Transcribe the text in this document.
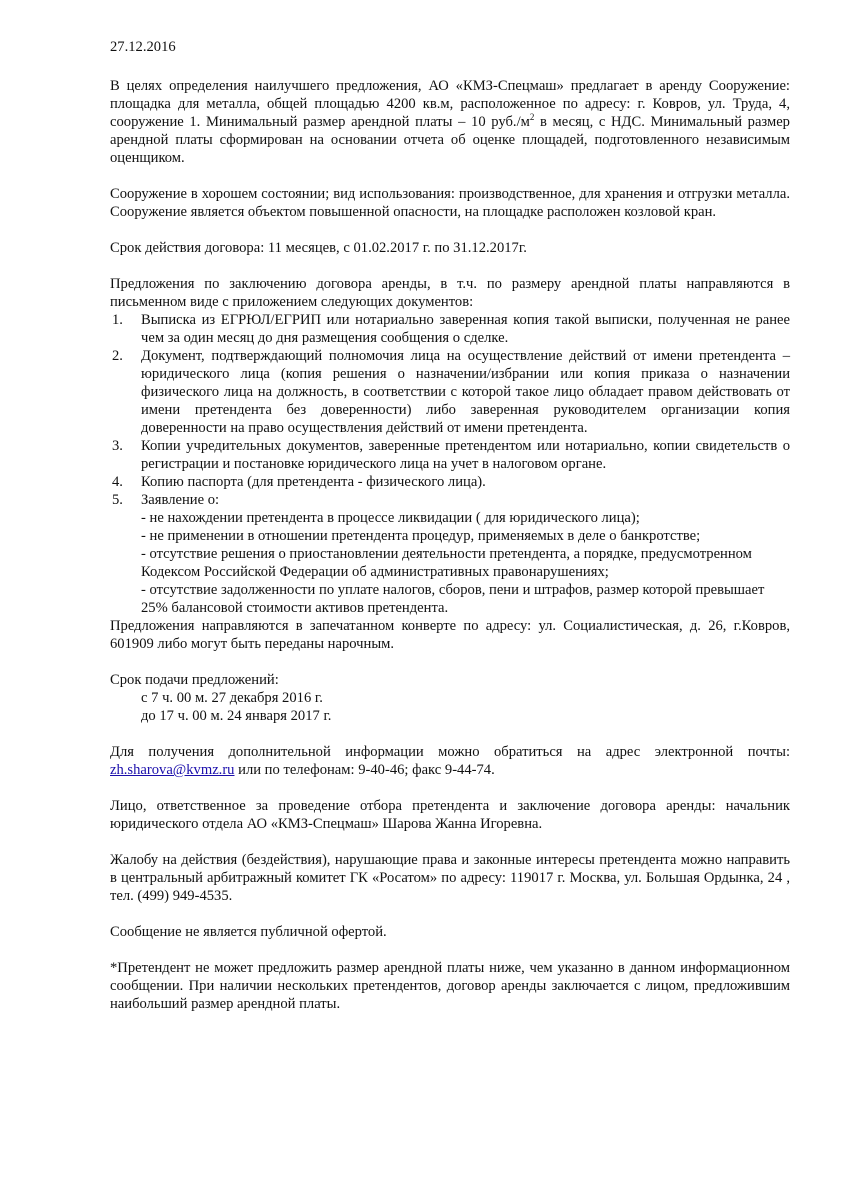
27.12.2016

В целях определения наилучшего предложения, АО «КМЗ-Спецмаш» предлагает в аренду Сооружение: площадка для металла, общей площадью 4200 кв.м, расположенное по адресу: г. Ковров, ул. Труда, 4, сооружение 1. Минимальный размер арендной платы – 10 $руб./м^2$ в месяц, с НДС. Минимальный размер арендной платы сформирован на основании отчета об оценке площадей, подготовленного независимым оценщиком.

Сооружение в хорошем состоянии; вид использования: производственное, для хранения и отгрузки металла. Сооружение является объектом повышенной опасности, на площадке расположен козловой кран.

Срок действия договора: 11 месяцев, с 01.02.2017 г. по 31.12.2017г.

Предложения по заключению договора аренды, в т.ч. по размеру арендной платы направляются в письменном виде с приложением следующих документов:

1. Выписка из ЕГРЮЛ/ЕГРИП или нотариально заверенная копия такой выписки, полученная не ранее чем за один месяц до дня размещения сообщения о сделке.
2. Документ, подтверждающий полномочия лица на осуществление действий от имени претендента – юридического лица (копия решения о назначении/избрании или копия приказа о назначении физического лица на должность, в соответствии с которой такое лицо обладает правом действовать от имени претендента без доверенности) либо заверенная руководителем организации копия доверенности на право осуществления действий от имени претендента.
3. Копии учредительных документов, заверенные претендентом или нотариально, копии свидетельств о регистрации и постановке юридического лица на учет в налоговом органе.
4. Копию паспорта (для претендента - физического лица).
5. Заявление о:
- не нахождении претендента в процессе ликвидации ( для юридического лица);
- не применении в отношении претендента процедур, применяемых в деле о банкротстве;
- отсутствие решения о приостановлении деятельности претендента, а порядке, предусмотренном Кодексом Российской Федерации об административных правонарушениях;
- отсутствие задолженности по уплате налогов, сборов, пени и штрафов, размер которой превышает 25% балансовой стоимости активов претендента.

Предложения направляются в запечатанном конверте по адресу: ул. Социалистическая, д. 26, г.Ковров, 601909 либо могут быть переданы нарочным.

Срок подачи предложений:
с 7 ч. 00 м. 27 декабря 2016 г.
до 17 ч. 00 м. 24 января 2017 г.

Для получения дополнительной информации можно обратиться на адрес электронной почты: zh.sharova@kvmz.ru или по телефонам: 9-40-46; факс 9-44-74.

Лицо, ответственное за проведение отбора претендента и заключение договора аренды: начальник юридического отдела АО «КМЗ-Спецмаш» Шарова Жанна Игоревна.

Жалобу на действия (бездействия), нарушающие права и законные интересы претендента можно направить в центральный арбитражный комитет ГК «Росатом» по адресу: 119017 г. Москва, ул. Большая Ордынка, 24 , тел. (499) 949-4535.

Сообщение не является публичной офертой.

*Претендент не может предложить размер арендной платы ниже, чем указанно в данном информационном сообщении. При наличии нескольких претендентов, договор аренды заключается с лицом, предложившим наибольший размер арендной платы.
